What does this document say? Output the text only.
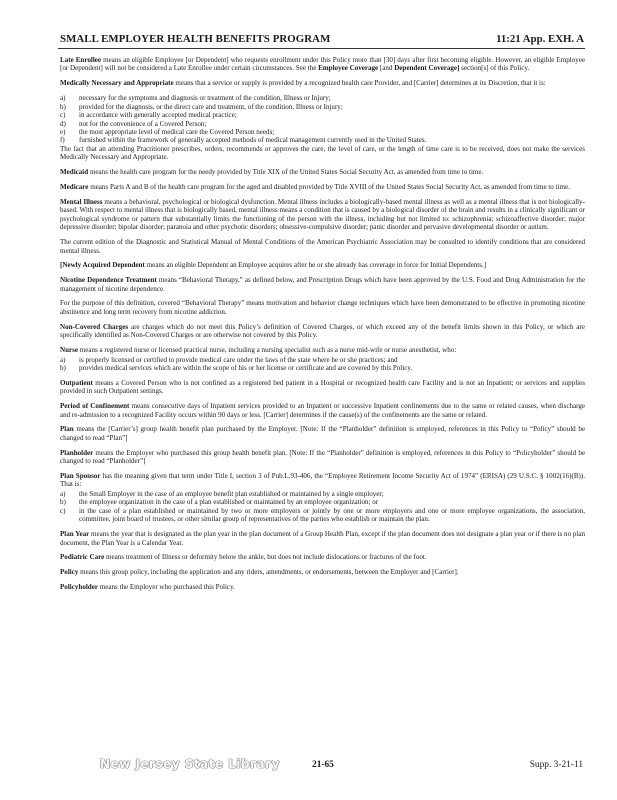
SMALL EMPLOYER HEALTH BENEFITS PROGRAM	11:21 App. EXH. A

Late Enrollee means an eligible Employee [or Dependent] who requests enrollment under this Policy more than [30] days after first becoming eligible. However, an eligible Employee [or Dependent] will not be considered a Late Enrollee under certain circumstances. See the Employee Coverage [and Dependent Coverage] section[s] of this Policy.

Medically Necessary and Appropriate means that a service or supply is provided by a recognized health care Provider, and [Carrier] determines at its Discretion, that it is:

a)	necessary for the symptoms and diagnosis or treatment of the condition, Illness or Injury;
b)	provided for the diagnosis, or the direct care and treatment, of the condition, Illness or Injury;
c)	in accordance with generally accepted medical practice;
d)	not for the convenience of a Covered Person;
e)	the most appropriate level of medical care the Covered Person needs;
f)	furnished within the framework of generally accepted methods of medical management currently used in the United States.

The fact that an attending Practitioner prescribes, orders, recommends or approves the care, the level of care, or the length of time care is to be received, does not make the services Medically Necessary and Appropriate.

Medicaid means the health care program for the needy provided by Title XIX of the United States Social Security Act, as amended from time to time.

Medicare means Parts A and B of the health care program for the aged and disabled provided by Title XVIII of the United States Social Security Act, as amended from time to time.

Mental Illness means a behavioral, psychological or biological dysfunction. Mental illness includes a biologically-based mental illness as well as a mental illness that is not biologically-based. With respect to mental illness that is biologically based, mental illness means a condition that is caused by a biological disorder of the brain and results in a clinically significant or psychological syndrome or pattern that substantially limits the functioning of the person with the illness, including but not limited to: schizophrenia; schizoaffective disorder; major depressive disorder; bipolar disorder; paranoia and other psychotic disorders; obsessive-compulsive disorder; panic disorder and pervasive developmental disorder or autism.

The current edition of the Diagnostic and Statistical Manual of Mental Conditions of the American Psychiatric Association may be consulted to identify conditions that are considered mental illness.

[Newly Acquired Dependent means an eligible Dependent an Employee acquires after he or she already has coverage in force for Initial Dependents.]

Nicotine Dependence Treatment means “Behavioral Therapy,” as defined below, and Prescription Drugs which have been approved by the U.S. Food and Drug Administration for the management of nicotine dependence.

For the purpose of this definition, covered “Behavioral Therapy” means motivation and behavior change techniques which have been demonstrated to be effective in promoting nicotine abstinence and long term recovery from nicotine addiction.

Non-Covered Charges are charges which do not meet this Policy’s definition of Covered Charges, or which exceed any of the benefit limits shown in this Policy, or which are specifically identified as Non-Covered Charges or are otherwise not covered by this Policy.

Nurse means a registered nurse or licensed practical nurse, including a nursing specialist such as a nurse mid-wife or nurse anesthetist, who:

a)	is properly licensed or certified to provide medical care under the laws of the state where he or she practices; and
b)	provides medical services which are within the scope of his or her license or certificate and are covered by this Policy.

Outpatient means a Covered Person who is not confined as a registered bed patient in a Hospital or recognized health care Facility and is not an Inpatient; or services and supplies provided in such Outpatient settings.

Period of Confinement means consecutive days of Inpatient services provided to an Inpatient or successive Inpatient confinements due to the same or related causes, when discharge and re-admission to a recognized Facility occurs within 90 days or less. [Carrier] determines if the cause(s) of the confinements are the same or related.

Plan means the [Carrier’s] group health benefit plan purchased by the Employer. [Note: If the “Planholder” definition is employed, references in this Policy to “Policy” should be changed to read “Plan”]

Planholder means the Employer who purchased this group health benefit plan. [Note: If the “Planholder” definition is employed, references in this Policy to “Policyholder” should be changed to read “Planholder”]

Plan Sponsor has the meaning given that term under Title I, section 3 of Pub.L.93-406, the “Employee Retirement Income Security Act of 1974” (ERISA) (29 U.S.C. § 1002(16)(B)). That is:

a)	the Small Employer in the case of an employee benefit plan established or maintained by a single employer;
b)	the employee organization in the case of a plan established or maintained by an employee organization; or
c)	in the case of a plan established or maintained by two or more employers or jointly by one or more employers and one or more employee organizations, the association, committee, joint board of trustees, or other similar group of representatives of the parties who establish or maintain the plan.

Plan Year means the year that is designated as the plan year in the plan document of a Group Health Plan, except if the plan document does not designate a plan year or if there is no plan document, the Plan Year is a Calendar Year.

Podiatric Care means treatment of Illness or deformity below the ankle, but does not include dislocations or fractures of the foot.

Policy means this group policy, including the application and any riders, amendments, or endorsements, between the Employer and [Carrier].

Policyholder means the Employer who purchased this Policy.

New Jersey State Library	21-65	Supp. 3-21-11
